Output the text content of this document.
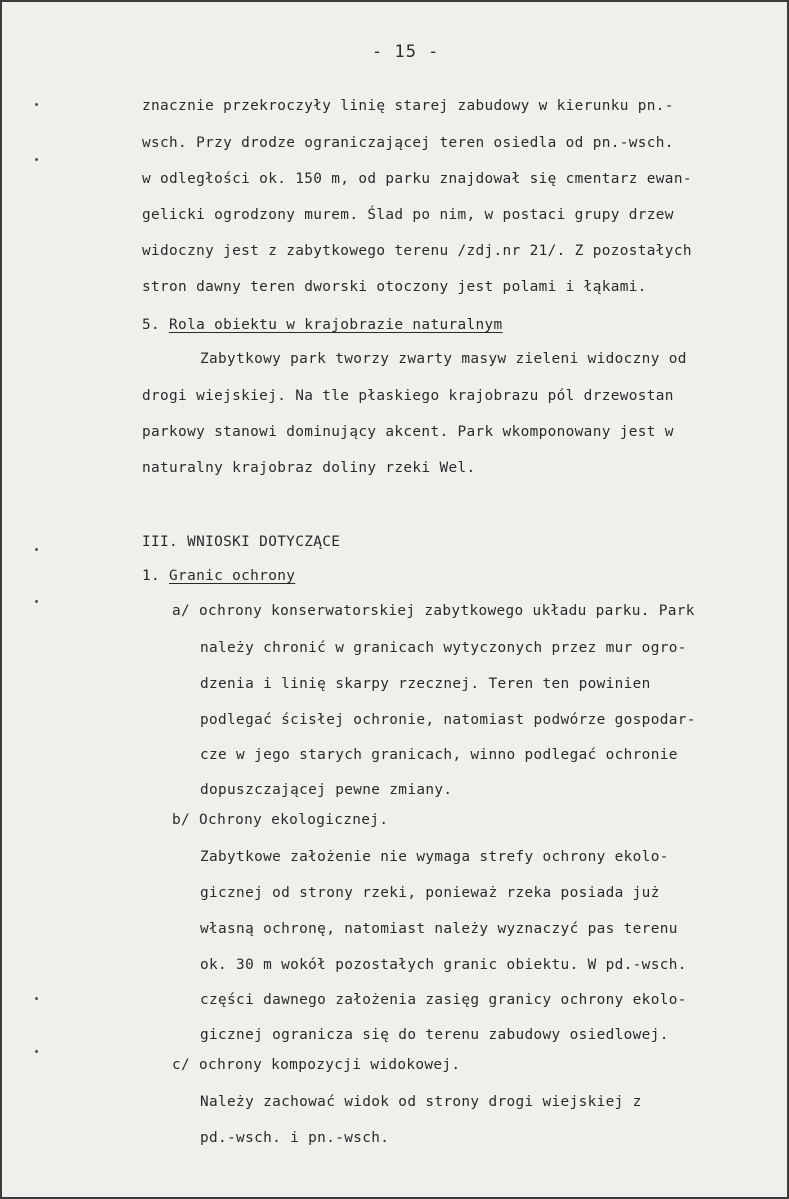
- 15 -
znacznie przekroczyły linię starej zabudowy w kierunku pn.-
wsch. Przy drodze ograniczającej teren osiedla od pn.-wsch.
w odległości ok. 150 m, od parku znajdował się cmentarz ewan-
gelicki ogrodzony murem. Ślad po nim, w postaci grupy drzew
widoczny jest z zabytkowego terenu /zdj.nr 21/. Z pozostałych
stron dawny teren dworski otoczony jest polami i łąkami.
5. Rola obiektu w krajobrazie naturalnym
Zabytkowy park tworzy zwarty masyw zieleni widoczny od
drogi wiejskiej. Na tle płaskiego krajobrazu pól drzewostan
parkowy stanowi dominujący akcent. Park wkomponowany jest w
naturalny krajobraz doliny rzeki Wel.
III. WNIOSKI DOTYCZĄCE
1. Granic ochrony
a/ ochrony konserwatorskiej zabytkowego układu parku. Park
należy chronić w granicach wytyczonych przez mur ogro-
dzenia i linię skarpy rzecznej. Teren ten powinien
podlegać ścisłej ochronie, natomiast podwórze gospodar-
cze w jego starych granicach, winno podlegać ochronie
dopuszczającej pewne zmiany.
b/ Ochrony ekologicznej.
Zabytkowe założenie nie wymaga strefy ochrony ekolo-
gicznej od strony rzeki, ponieważ rzeka posiada już
własną ochronę, natomiast należy wyznaczyć pas terenu
ok. 30 m wokół pozostałych granic obiektu. W pd.-wsch.
części dawnego założenia zasięg granicy ochrony ekolo-
gicznej ogranicza się do terenu zabudowy osiedlowej.
c/ ochrony kompozycji widokowej.
Należy zachować widok od strony drogi wiejskiej z
pd.-wsch. i pn.-wsch.
